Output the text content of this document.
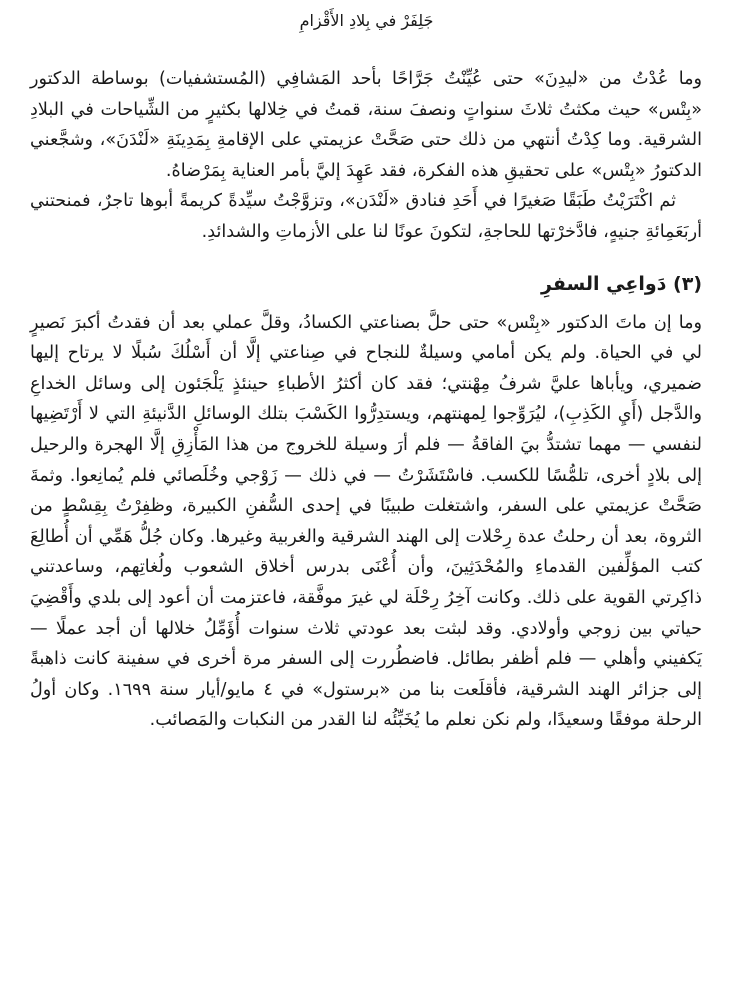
جَلِفَرْ في بِلادِ الأَقْزامِ

وما عُدْتُ من «ليدِنَ» حتى عُيِّنْتُ جَرَّاحًا بأحد المَشافِي (المُستشفيات) بوساطة الدكتور «بِتْس» حيث مكثتُ ثلاثَ سنواتٍ ونصفَ سنة، قمتُ في خِلالها بكثيرٍ من الشِّياحات في البلادِ الشرقية. وما كِدْتُ أنتهي من ذلك حتى صَحَّتْ عزيمتي على الإقامةِ بِمَدِينَةِ «لَنْدَنَ»، وشجَّعني الدكتورُ «بِتْس» على تحقيقِ هذه الفكرة، فقد عَهِدَ إليَّ بأمر العناية بِمَرْضاهُ.

ثم اكْتَرَيْتُ طَبَقًا صَغيرًا في أَحَدِ فنادق «لَنْدَن»، وتزوَّجْتُ سيِّدةً كريمةً أبوها تاجرٌ، فمنحتني أربَعَمِائةِ جنيهٍ، فادَّخرْتها للحاجةِ، لتكونَ عونًا لنا على الأزماتِ والشدائدِ.

(٣) دَواعِي السفرِ

وما إن ماتَ الدكتور «بِتْس» حتى حلَّ بصناعتي الكسادُ، وقلَّ عملي بعد أن فقدتُ أكبرَ نَصيرٍ لي في الحياة. ولم يكن أمامي وسيلةٌ للنجاح في صِناعتي إلَّا أن أَسْلُكَ سُبلًا لا يرتاح إليها ضميري، ويأباها عليَّ شرفُ مِهْنتي؛ فقد كان أكثرُ الأطباءِ حينئذٍ يَلْجَئون إلى وسائل الخداعِ والدَّجل (أَيِ الكَذِبِ)، ليُرَوِّجوا لِمهنتهم، ويستدِرُّوا الكَسْبَ بتلك الوسائلِ الدَّنيئةِ التي لا أَرْتَضِيها لنفسي — مهما تشتدُّ بيَ الفاقةُ — فلم أرَ وسيلة للخروج من هذا المَأْزِقِ إلَّا الهجرة والرحيل إلى بلادٍ أخرى، تلمُّسًا للكسب. فاسْتَشَرْتُ — في ذلك — زَوْجي وخُلَصائي فلم يُمانِعوا. وثمةَ صَحَّتْ عزيمتي على السفر، واشتغلت طبيبًا في إحدى السُّفنِ الكبيرة، وظفِرْتُ بِقِسْطٍ من الثروة، بعد أن رحلتُ عدة رِحْلات إلى الهند الشرقية والغربية وغيرها. وكان جُلُّ هَمِّي أن أُطالِعَ كتب المؤلِّفين القدماءِ والمُحْدَثِينَ، وأن أُعْنَى بدرس أخلاق الشعوب ولُغاتِهم، وساعدتني ذاكِرتي القوية على ذلك. وكانت آخِرُ رِحْلَة لي غيرَ موفَّقة، فاعتزمت أن أعود إلى بلدي وأَقْضِيَ حياتي بين زوجي وأولادي. وقد لبثت بعد عودتي ثلاث سنوات أُؤَمِّلُ خلالها أن أجد عملًا — يَكفيني وأهلي — فلم أظفر بطائل. فاضطُررت إلى السفر مرة أخرى في سفينة كانت ذاهبةً إلى جزائر الهند الشرقية، فأقلَعت بنا من «برستول» في ٤ مايو/أيار سنة ١٦٩٩. وكان أولُ الرحلة موفقًا وسعيدًا، ولم نكن نعلم ما يُخَبِّئُه لنا القدر من النكبات والمَصائب.
